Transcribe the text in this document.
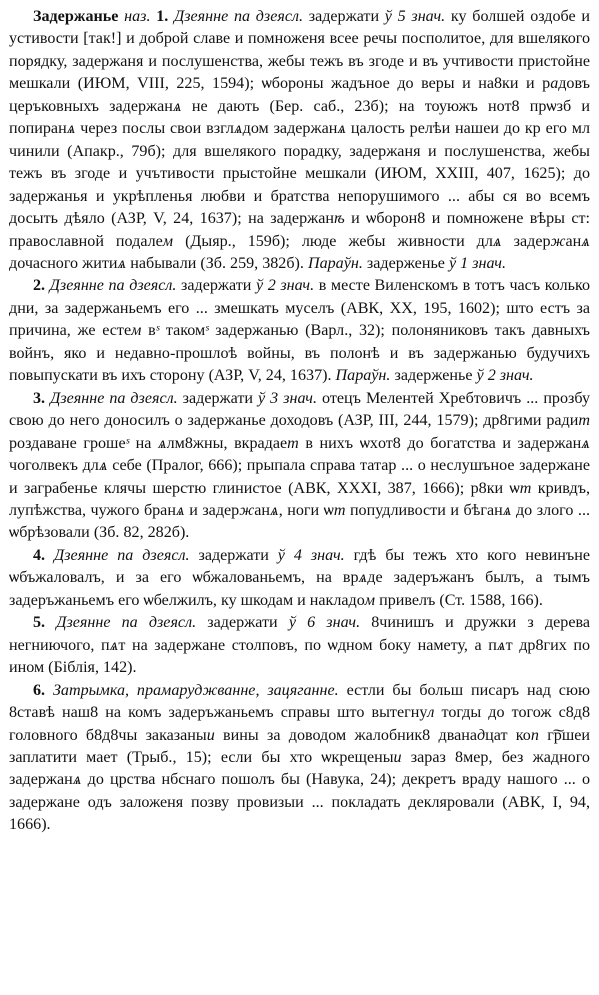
Задержанье наз. 1. Дзеянне па дзеясл. задержати ў 5 знач. ку болшей оздобе и устивости [так!] и доброй славе и помноженя всее речы посполитое, для вшелякого порядку, задержаня и послушенства, жебы тежъ въ згоде и въ учтивости пристойне мешкали (ИЮМ, VIII, 225, 1594); ѡбороны жадъное до веры и на8ки и радовъ церъковныхъ задержанѧ не дають (Бер. саб., 23б); на тоуюжъ нот8 прѡзб и попиранѧ через послы свои взглѧдом задержанѧ цалость релѣи нашеи до кр его мл чинили (Апакр., 79б); для вшелякого порадку, задержаня и послушенства, жебы тежъ въ згоде и учътивости прыстойне мешкали (ИЮМ, XXIII, 407, 1625); до задержанья и укрѣпленья любви и братства непорушимого ... абы ся во всемъ досыть дѣяло (АЗР, V, 24, 1637); на задержанѣ и ѡборон8 и помножене вѣры ст: православной подалем (Дыяр., 159б); люде жебы живности длѧ задержанѧ дочасного житиѧ набывали (Зб. 259, 382б). Параўн. задерженье ў 1 знач.

2. Дзеянне па дзеясл. задержати ў 2 знач. в месте Виленскомъ в тотъ часъ колько дни, за задержаньемъ его ... змешкать муселъ (АВК, XX, 195, 1602); што естъ за причина, же естем вˢ такомˢ задержанью (Варл., 32); полоняниковъ такъ давныхъ войнъ, яко и недавно-прошлоѣ войны, въ полонѣ и въ задержанью будучихъ повыпускати въ ихъ сторону (АЗР, V, 24, 1637). Параўн. задерженье ў 2 знач.

3. Дзеянне па дзеясл. задержати ў 3 знач. отецъ Мелентей Хребтовичъ ... прозбу свою до него доносилъ о задержанье доходовъ (АЗР, III, 244, 1579); др8гими радит роздаване грошеˢ на ѧлм8жны, вкрадает в ниxъ ѡxот8 до богатства и задержанѧ чоголвекъ длѧ себе (Пралог, 666); прыпала справа татар ... о неслушъное задержане и заграбенье клячы шерстю глинистое (АВК, XXXI, 387, 1666); р8ки ѡт кривдъ, лупѣжства, чужого бранѧ и задержанѧ, ноги ѡт попудливости и бѣганѧ до злого ... ѡбрѣзовали (Зб. 82, 282б).

4. Дзеянне па дзеясл. задержати ў 4 знач. гдѣ бы тежъ хто кого невинъне ѡбъжаловалъ, и за его ѡбжалованьемъ, на врѧде задеръжанъ былъ, а тымъ задеръжаньемъ его ѡбелжилъ, ку шкодам и накладом привелъ (Ст. 1588, 166).

5. Дзеянне па дзеясл. задержати ў 6 знач. 8чинишъ и дружки з дерева негниючого, пѧт на задержане столповъ, по ѡдном боку намету, а пѧт др8гих по ином (Біблія, 142).

6. Затрымка, прамаруджванне, зацяганне. естли бы больш писаръ над сюю 8ставѣ наш8 на комъ задеръжаньемъ справы што вытегнул тогды до тогож с8д8 головного б8д8чы заказаныи вины за доводом жалобник8 дванадцат коп г͠ршеи заплатити мает (Трыб., 15); если бы хто ѡкрещеныи зараз 8мер, без жадного задержанѧ до црства нбснаго пошолъ бы (Навука, 24); декретъ враду нашого ... о задержане одъ заложеня позву провизыи ... покладать декляровали (АВК, I, 94, 1666).
